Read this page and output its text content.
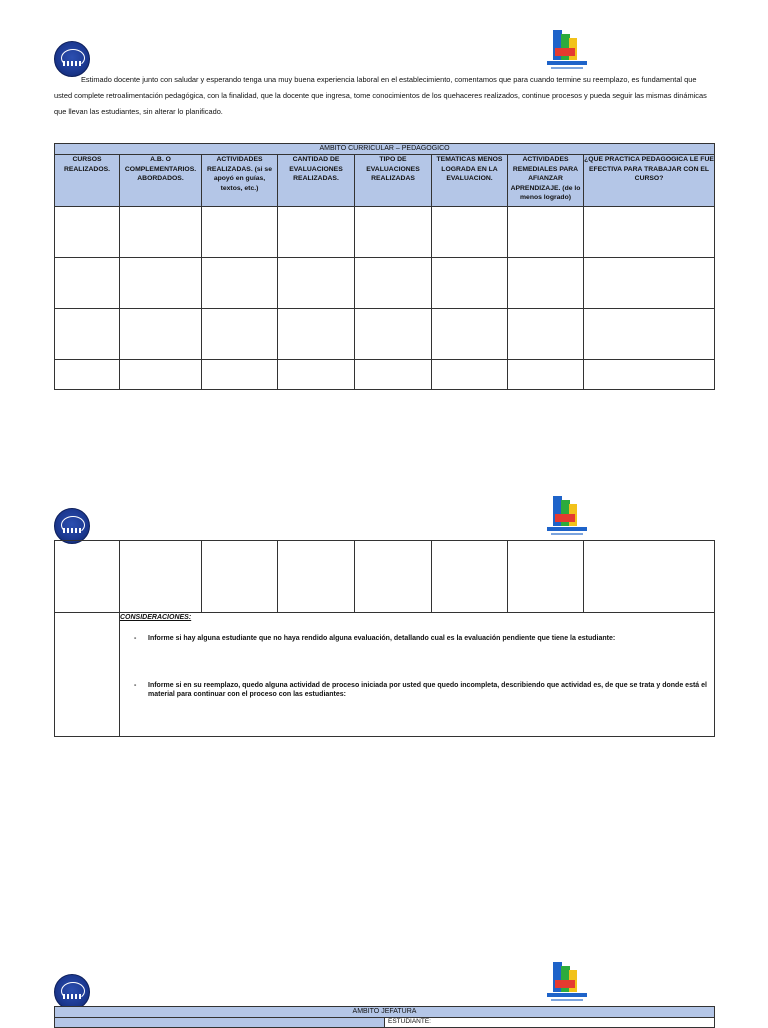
Estimado docente junto con saludar y esperando tenga una muy buena experiencia laboral en el establecimiento, comentamos que para cuando termine su reemplazo, es fundamental que usted complete retroalimentación pedagógica, con la finalidad, que la docente que ingresa, tome conocimientos de los quehaceres realizados, continue procesos y pueda seguir las mismas dinámicas que llevan las estudiantes, sin alterar lo planificado.

AMBITO CURRICULAR – PEDAGOGICO							
CURSOS REALIZADOS.	A.B. O COMPLEMENTARIOS. ABORDADOS.	ACTIVIDADES REALIZADAS. (si se apoyó en guías, textos, etc.)	CANTIDAD DE EVALUACIONES REALIZADAS.	TIPO DE EVALUACIONES REALIZADAS	TEMATICAS MENOS LOGRADA EN LA EVALUACION.	ACTIVIDADES REMEDIALES PARA AFIANZAR APRENDIZAJE. (de lo menos logrado)	¿QUE PRACTICA PEDAGOGICA LE FUE EFECTIVA PARA TRABAJAR CON EL CURSO?

	CONSIDERACIONES:
- Informe si hay alguna estudiante que no haya rendido alguna evaluación, detallando cual es la evaluación pendiente que tiene la estudiante:
- Informe si en su reemplazo, quedo alguna actividad de proceso iniciada por usted que quedo incompleta, describiendo que actividad es, de que se trata y donde está el material para continuar con el proceso con las estudiantes:						
AMBITO JEFATURA
	ESTUDIANTE:
